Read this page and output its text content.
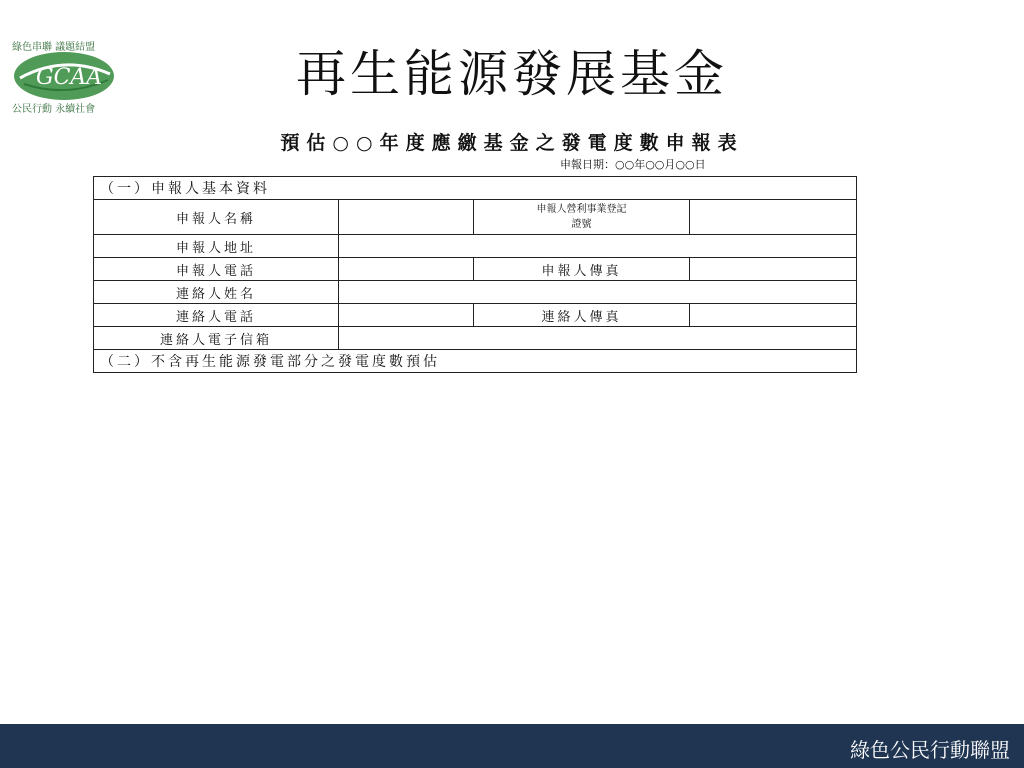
GCAA
綠色串聯 議題結盟
公民行動 永續社會
再生能源發展基金
預估○○年度應繳基金之發電度數申報表
申報日期：○○年○○月○○日
（一）申報人基本資料			
申報人名稱		申報人營利事業登記
證號	
申報人地址			
申報人電話		申報人傳真	
連絡人姓名			
連絡人電話		連絡人傳真	
連絡人電子信箱			
（二）不含再生能源發電部分之發電度數預估			
綠色公民行動聯盟
